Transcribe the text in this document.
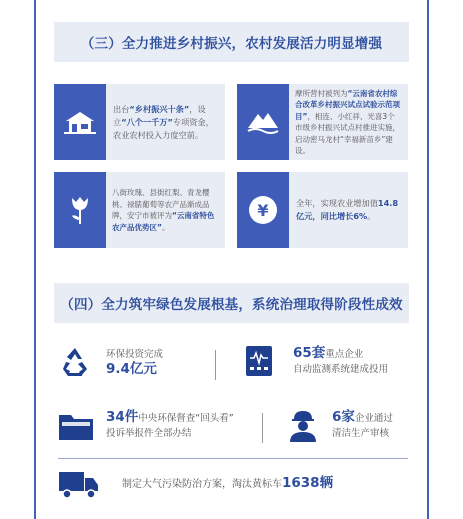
（三）全力推进乡村振兴，农村发展活力明显增强

出台“乡村振兴十条”，设立“八个一千万”专项资金，农业农村投入力度空前。

摩所营村被列为“云南省农村综合改革乡村振兴试点试验示范项目”，相连、小红祥、光喜3个市级乡村振兴试点村推进实施，启动密马龙村“幸福新苗乡”建设。

八街玫瑰、县街红梨、青龙樱桃、禄脿葡萄等农产品渐成品牌，安宁市被评为“云南省特色农产品优势区”。

¥	全年，实现农业增加值14.8亿元，同比增长6%。

（四）全力筑牢绿色发展根基，系统治理取得阶段性成效
环保投资完成
9.4亿元
65套重点企业
自动监测系统建成投用
34件中央环保督查“回头看”
投诉举报件全部办结
6家企业通过
清洁生产审核
制定大气污染防治方案，淘汰黄标车1638辆
